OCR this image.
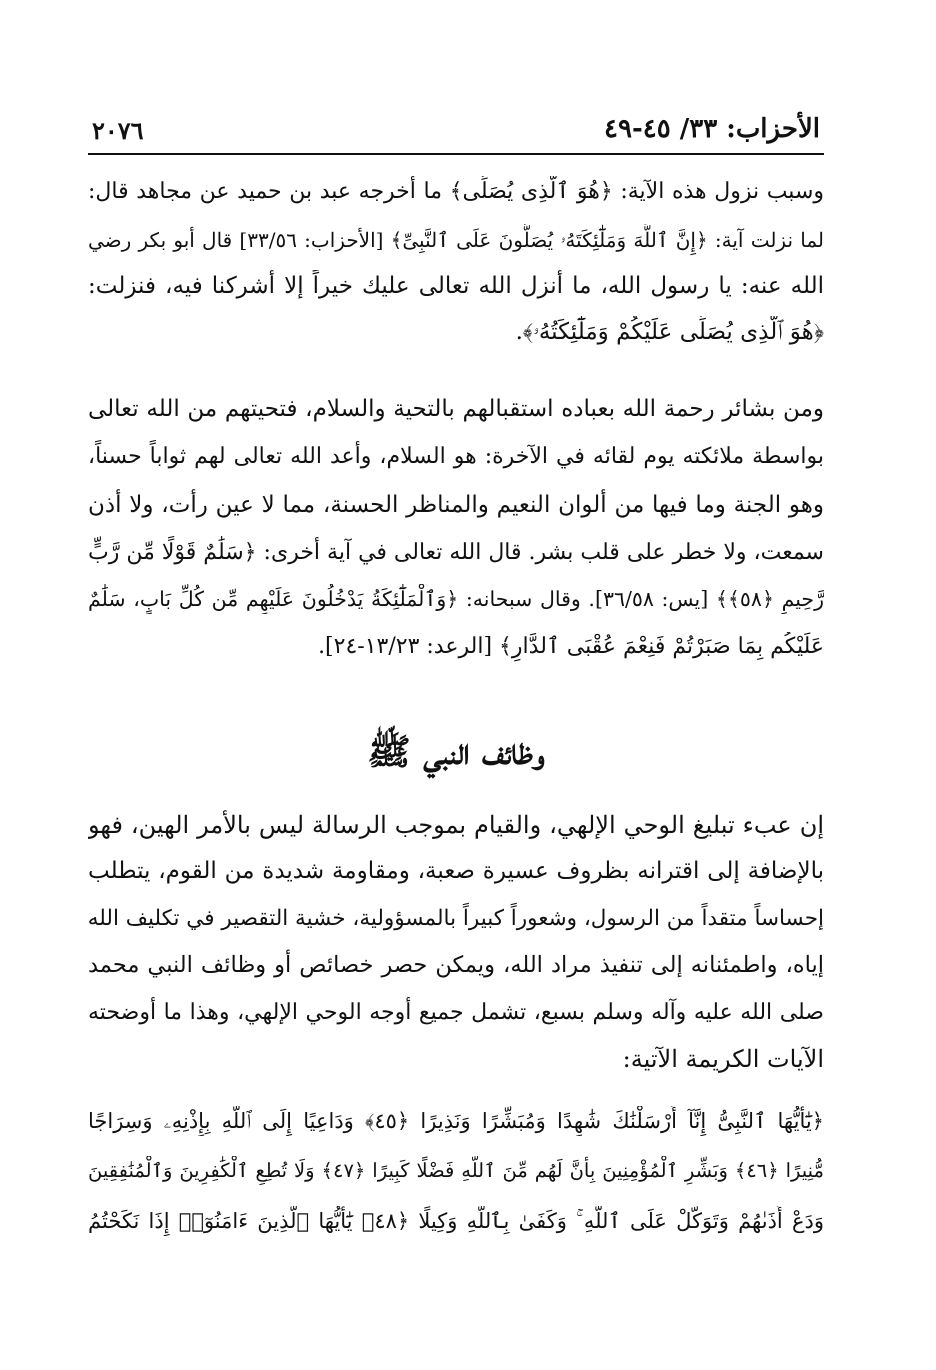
الأحزاب: ٣٣/ ٤٥-٤٩
٢٠٧٦
وسبب نزول هذه الآية: ﴿هُوَ ٱلَّذِى يُصَلِّى﴾ ما أخرجه عبد بن حميد عن مجاهد قال:
لما نزلت آية: ﴿إِنَّ ٱللَّهَ وَمَلَٰٓئِكَتَهُۥ يُصَلُّونَ عَلَى ٱلنَّبِىِّ﴾ [الأحزاب: ٣٣/٥٦] قال أبو بكر رضي
الله عنه: يا رسول الله، ما أنزل الله تعالى عليك خيراً إلا أشركنا فيه، فنزلت:
﴿هُوَ ٱلَّذِى يُصَلِّى عَلَيْكُمْ وَمَلَٰٓئِكَتُهُۥ﴾.
ومن بشائر رحمة الله بعباده استقبالهم بالتحية والسلام، فتحيتهم من الله تعالى
بواسطة ملائكته يوم لقائه في الآخرة: هو السلام، وأعد الله تعالى لهم ثواباً حسناً،
وهو الجنة وما فيها من ألوان النعيم والمناظر الحسنة، مما لا عين رأت، ولا أذن
سمعت، ولا خطر على قلب بشر. قال الله تعالى في آية أخرى: ﴿سَلَٰمٌ قَوْلًا مِّن رَّبٍّ
رَّحِيمٍ ﴿٥٨﴾﴾ [يس: ٣٦/٥٨]. وقال سبحانه: ﴿وَٱلْمَلَٰٓئِكَةُ يَدْخُلُونَ عَلَيْهِم مِّن كُلِّ بَابٍ، سَلَٰمٌ
عَلَيْكُم بِمَا صَبَرْتُمْ فَنِعْمَ عُقْبَى ٱلدَّارِ﴾ [الرعد: ١٣/٢٣-٢٤].
وظائف النبي ﷺ
إن عبء تبليغ الوحي الإلهي، والقيام بموجب الرسالة ليس بالأمر الهين، فهو
بالإضافة إلى اقترانه بظروف عسيرة صعبة، ومقاومة شديدة من القوم، يتطلب
إحساساً متقداً من الرسول، وشعوراً كبيراً بالمسؤولية، خشية التقصير في تكليف الله
إياه، واطمئنانه إلى تنفيذ مراد الله، ويمكن حصر خصائص أو وظائف النبي محمد
صلى الله عليه وآله وسلم بسبع، تشمل جميع أوجه الوحي الإلهي، وهذا ما أوضحته
الآيات الكريمة الآتية:
﴿يَٰٓأَيُّهَا ٱلنَّبِىُّ إِنَّآ أَرْسَلْنَٰكَ شَٰهِدًا وَمُبَشِّرًا وَنَذِيرًا ﴿٤٥﴾ وَدَاعِيًا إِلَى ٱللَّهِ بِإِذْنِهِۦ وَسِرَاجًا
مُّنِيرًا ﴿٤٦﴾ وَبَشِّرِ ٱلْمُؤْمِنِينَ بِأَنَّ لَهُم مِّنَ ٱللَّهِ فَضْلًا كَبِيرًا ﴿٤٧﴾ وَلَا تُطِعِ ٱلْكَٰفِرِينَ وَٱلْمُنَٰفِقِينَ
وَدَعْ أَذَىٰهُمْ وَتَوَكَّلْ عَلَى ٱللَّهِ ۚ وَكَفَىٰ بِٱللَّهِ وَكِيلًا ﴿٤٨﴾ يَٰٓأَيُّهَا ٱلَّذِينَ ءَامَنُوٓا۟ إِذَا نَكَحْتُمُ
